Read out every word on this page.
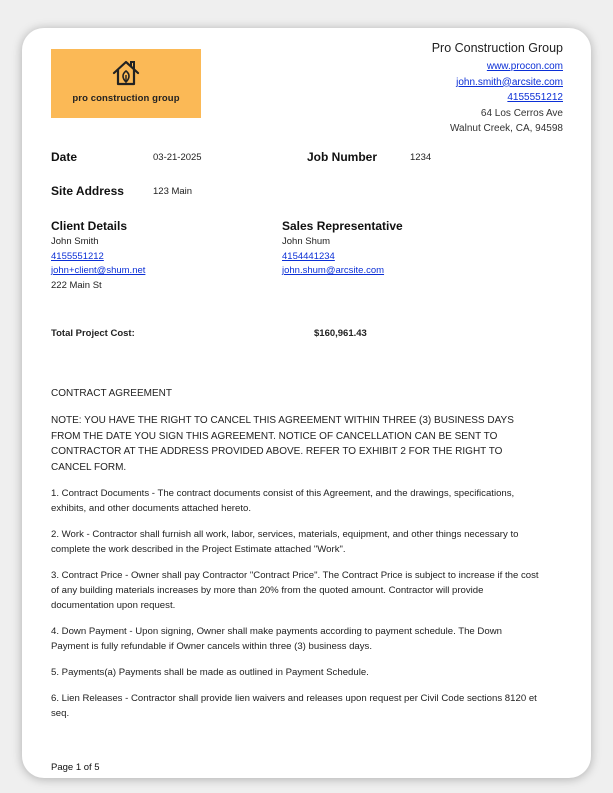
pro construction group
Pro Construction Group
www.procon.com
john.smith@arcsite.com
4155551212
64 Los Cerros Ave
Walnut Creek, CA, 94598
Date	03-21-2025	Job Number	1234
Site Address	123 Main
Client Details
John Smith
4155551212
john+client@shum.net
222 Main St
Sales Representative
John Shum
4154441234
john.shum@arcsite.com
Total Project Cost:	$160,961.43

CONTRACT AGREEMENT

NOTE: YOU HAVE THE RIGHT TO CANCEL THIS AGREEMENT WITHIN THREE (3) BUSINESS DAYS FROM THE DATE YOU SIGN THIS AGREEMENT. NOTICE OF CANCELLATION CAN BE SENT TO CONTRACTOR AT THE ADDRESS PROVIDED ABOVE. REFER TO EXHIBIT 2 FOR THE RIGHT TO CANCEL FORM.

1. Contract Documents - The contract documents consist of this Agreement, and the drawings, specifications, exhibits, and other documents attached hereto.

2. Work - Contractor shall furnish all work, labor, services, materials, equipment, and other things necessary to complete the work described in the Project Estimate attached "Work".

3. Contract Price - Owner shall pay Contractor "Contract Price". The Contract Price is subject to increase if the cost of any building materials increases by more than 20% from the quoted amount. Contractor will provide documentation upon request.

4. Down Payment - Upon signing, Owner shall make payments according to payment schedule. The Down Payment is fully refundable if Owner cancels within three (3) business days.

5. Payments(a) Payments shall be made as outlined in Payment Schedule.

6. Lien Releases - Contractor shall provide lien waivers and releases upon request per Civil Code sections 8120 et seq.

Page 1 of 5
